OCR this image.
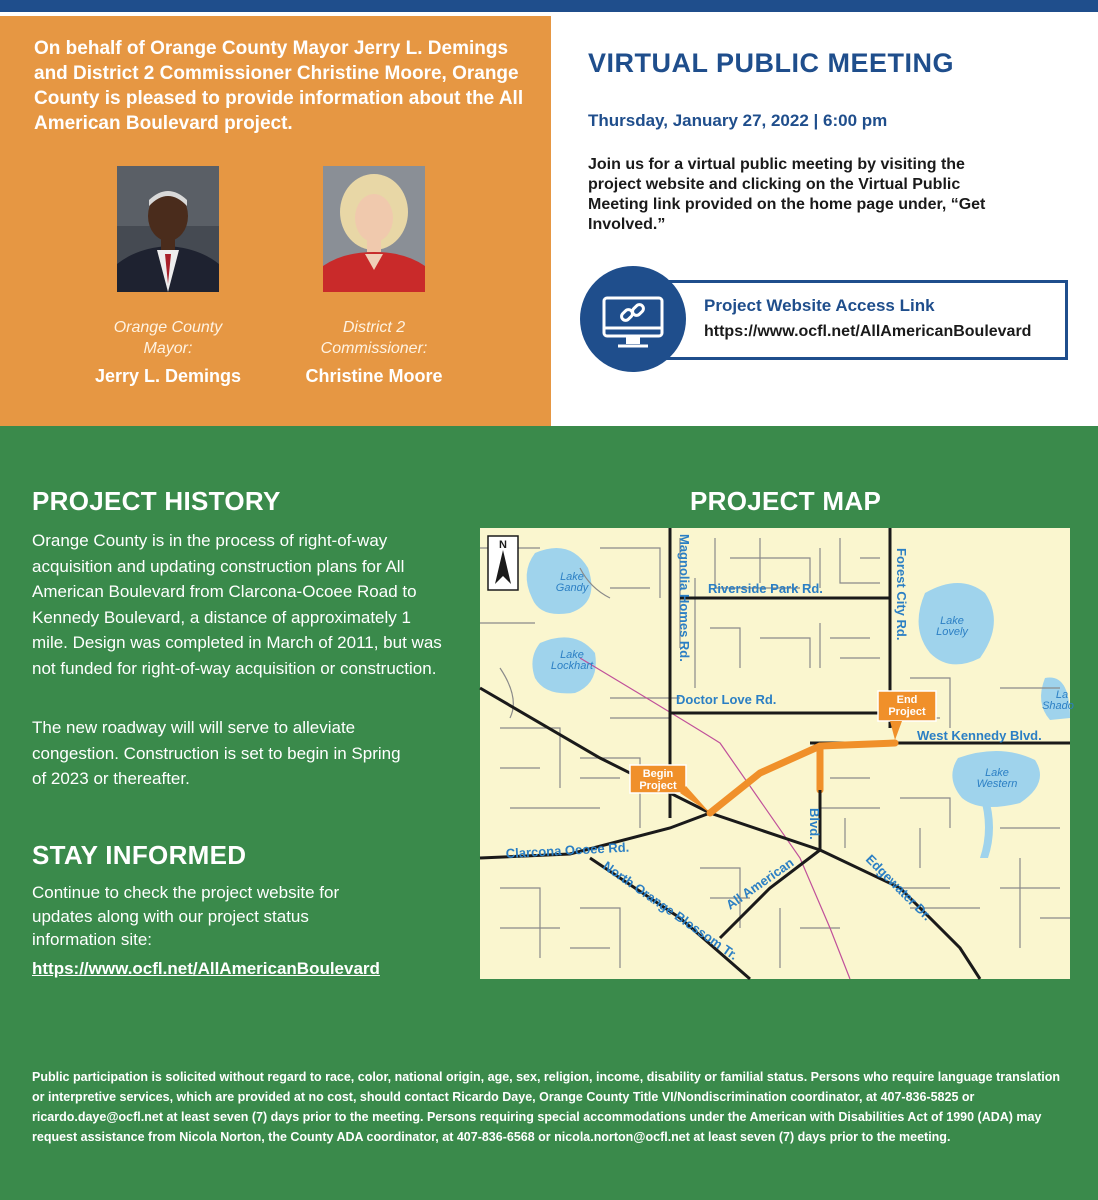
On behalf of Orange County Mayor Jerry L. Demings and District 2 Commissioner Christine Moore, Orange County is pleased to provide information about the All American Boulevard project.

Orange County
Mayor:
Jerry L. Demings
District 2
Commissioner:
Christine Moore
VIRTUAL PUBLIC MEETING
Thursday, January 27, 2022 | 6:00 pm

Join us for a virtual public meeting by visiting the project website and clicking on the Virtual Public Meeting link provided on the home page under, “Get Involved.”

Project Website Access Link
https://www.ocfl.net/AllAmericanBoulevard
PROJECT HISTORY

Orange County is in the process of right-of-way acquisition and updating construction plans for All American Boulevard from Clarcona-Ocoee Road to Kennedy Boulevard, a distance of approximately 1 mile. Design was completed in March of 2011, but was not funded for right-of-way acquisition or construction.

The new roadway will will serve to alleviate congestion. Construction is set to begin in Spring of 2023 or thereafter.

STAY INFORMED

Continue to check the project website for updates along with our project status information site:

https://www.ocfl.net/AllAmericanBoulevard
PROJECT MAP
N
Riverside Park Rd.
Doctor Love Rd.
West Kennedy Blvd.
Clarcona Ocoee Rd.
Magnolia Homes Rd.	Forest City Rd.
North Orange Blossom Tr.
All American
Blvd.
Edgewater Dr.
Lake
Gandy
Lake
Lockhart
Lake
Lovely
Lake
Western
La
Shado
Begin
Project
End
Project

Public participation is solicited without regard to race, color, national origin, age, sex, religion, income, disability or familial status. Persons who require language translation or interpretive services, which are provided at no cost, should contact Ricardo Daye, Orange County Title VI/Nondiscrimination coordinator, at 407-836-5825 or ricardo.daye@ocfl.net at least seven (7) days prior to the meeting. Persons requiring special accommodations under the American with Disabilities Act of 1990 (ADA) may request assistance from Nicola Norton, the County ADA coordinator, at 407-836-6568 or nicola.norton@ocfl.net at least seven (7) days prior to the meeting.
